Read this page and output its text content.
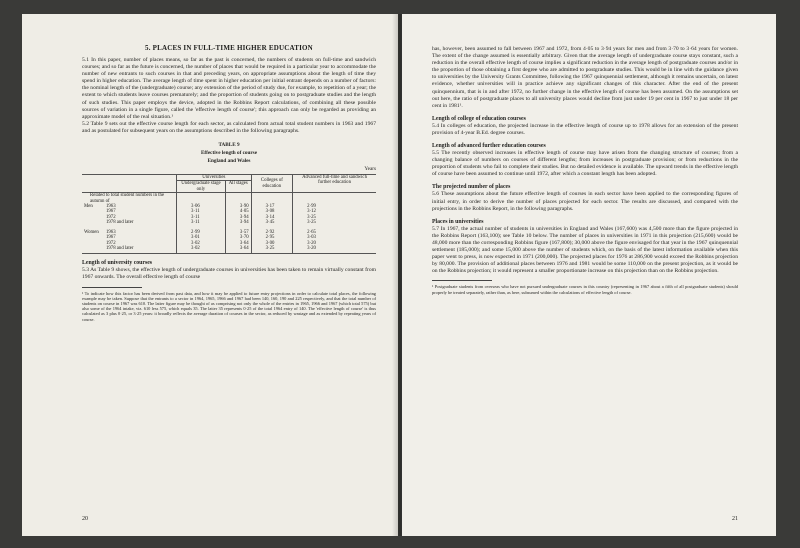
5. PLACES IN FULL-TIME HIGHER EDUCATION

5.1 In this paper, number of places means, so far as the past is concerned, the numbers of students on full-time and sandwich courses; and so far as the future is concerned, the number of places that would be required in a particular year to accommodate the number of new entrants to such courses in that and preceding years, on appropriate assumptions about the length of time they spend in higher education. The average length of time spent in higher education per initial entrant depends on a number of factors: the nominal length of the (undergraduate) course; any extension of the period of study due, for example, to repetition of a year; the extent to which students leave courses prematurely; and the proportion of students going on to postgraduate studies and the length of such studies. This paper employs the device, adopted in the Robbins Report calculations, of combining all these possible sources of variation in a single figure, called the 'effective length of course'; this approach can only be regarded as providing an approximate model of the real situation.¹

5.2 Table 9 sets out the effective course length for each sector, as calculated from actual total student numbers in 1963 and 1967 and as postulated for subsequent years on the assumptions described in the following paragraphs.

TABLE 9
Effective length of course
England and Wales
Years
	Universities		Colleges of education	Advanced full-time and sandwich further education
	Undergraduate stage only	All stages		
Related to total student numbers in the autumn of				
Men 1963	3·06	3·90	3·17	2·99
1967	3·11	4·05	3·08	3·12
1972	3·11	3·94	3·14	3·25
1978 and later	3·11	3·94	3·45	3·25

Women 1963	2·99	3·57	2·92	2·65
1967	3·01	3·70	2·95	3·03
1972	3·02	3·64	3·00	3·20
1978 and later	3·02	3·64	3·25	3·20

Length of university courses

5.3 As Table 9 shows, the effective length of undergraduate courses in universities has been taken to remain virtually constant from 1967 onwards. The overall effective length of course

¹ To indicate how this factor has been derived from past data, and how it may be applied to future entry projections in order to calculate total places, the following example may be taken. Suppose that the entrants to a sector in 1964, 1965, 1966 and 1967 had been 140, 160, 190 and 225 respectively, and that the total number of students on course in 1967 was 610. The latter figure may be thought of as comprising not only the whole of the entries in 1965, 1966 and 1967 (which total 575) but also some of the 1964 intake, viz. 610 less 575, which equals 35. The latter 35 represents 0·25 of the total 1964 entry of 140. The 'effective length of course' is thus calculated as 3 plus 0·25, or 3·25 years: it broadly reflects the average duration of courses in the sector, as reduced by wastage and as extended by repeating years of course.
20

has, however, been assumed to fall between 1967 and 1972, from 4·05 to 3·94 years for men and from 3·70 to 3·64 years for women. The extent of the change assumed is essentially arbitrary. Given that the average length of undergraduate course stays constant, such a reduction in the overall effective length of course implies a significant reduction in the average length of postgraduate courses and/or in the proportion of those obtaining a first degree who are admitted to postgraduate studies. This would be in line with the guidance given to universities by the University Grants Committee, following the 1967 quinquennial settlement, although it remains uncertain, on latest evidence, whether universities will in practice achieve any significant changes of this character. After the end of the present quinquennium, that is in and after 1972, no further change in the effective length of course has been assumed. On the assumptions set out here, the ratio of postgraduate places to all university places would decline from just under 19 per cent in 1967 to just under 18 per cent in 1981¹.

Length of college of education courses

5.4 In colleges of education, the projected increase in the effective length of course up to 1978 allows for an extension of the present provision of 4-year B.Ed. degree courses.

Length of advanced further education courses

5.5 The recently observed increases in effective length of course may have arisen from the changing structure of courses; from a changing balance of numbers on courses of different lengths; from increases in postgraduate provision; or from reductions in the proportion of students who fail to complete their studies. But no detailed evidence is available. The upward trends in the effective length of course have been assumed to continue until 1972, after which a constant length has been adopted.

The projected number of places

5.6 These assumptions about the future effective length of courses in each sector have been applied to the corresponding figures of initial entry, in order to derive the number of places projected for each sector. The results are discussed, and compared with the projections in the Robbins Report, in the following paragraphs.

Places in universities

5.7 In 1967, the actual number of students in universities in England and Wales (167,600) was 4,500 more than the figure projected in the Robbins Report (163,100); see Table 10 below. The number of places in universities in 1971 in this projection (215,600) would be 48,000 more than the corresponding Robbins figure (167,800); 30,000 above the figure envisaged for that year in the 1967 quinquennial settlement (185,000); and some 15,000 above the number of students which, on the basis of the latest information available when this paper went to press, is now expected in 1971 (200,000). The projected places for 1976 at 286,900 would exceed the Robbins projection by 80,000. The provision of additional places between 1976 and 1981 would be some 110,000 on the present projection, as it would be on the Robbins projection; it would represent a smaller proportionate increase on this projection than on the Robbins projection.

¹ Postgraduate students from overseas who have not pursued undergraduate courses in this country (representing in 1967 about a fifth of all postgraduate students) should properly be treated separately, rather than, as here, subsumed within the calculations of effective length of course.
21
